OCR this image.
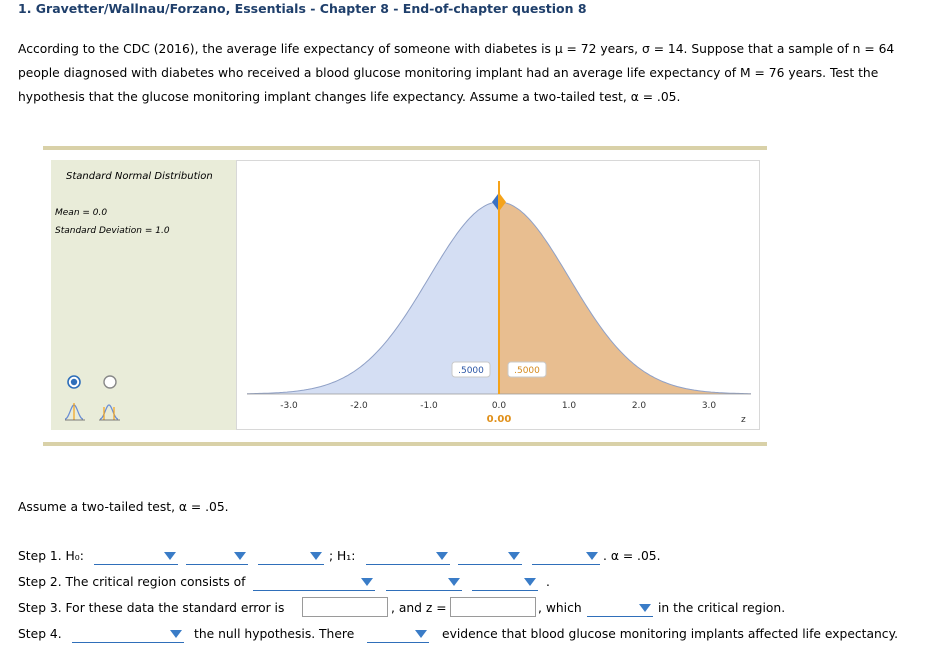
1. Gravetter/Wallnau/Forzano, Essentials - Chapter 8 - End-of-chapter question 8
According to the CDC (2016), the average life expectancy of someone with diabetes is μ = 72 years, σ = 14. Suppose that a sample of n = 64
people diagnosed with diabetes who received a blood glucose monitoring implant had an average life expectancy of M = 76 years. Test the
hypothesis that the glucose monitoring implant changes life expectancy. Assume a two-tailed test, α = .05.
Standard Normal Distribution
Mean = 0.0
Standard Deviation = 1.0
-3.0	-2.0	-1.0	0.0	1.0	2.0	3.0
.5000	.5000
z
0.00
Assume a two-tailed test, α = .05.
Step 1. H₀:	; H₁:	. α = .05.
Step 2. The critical region consists of	.
Step 3. For these data the standard error is	, and z =	, which	in the critical region.
Step 4.	the null hypothesis. There	evidence that blood glucose monitoring implants affected life expectancy.
